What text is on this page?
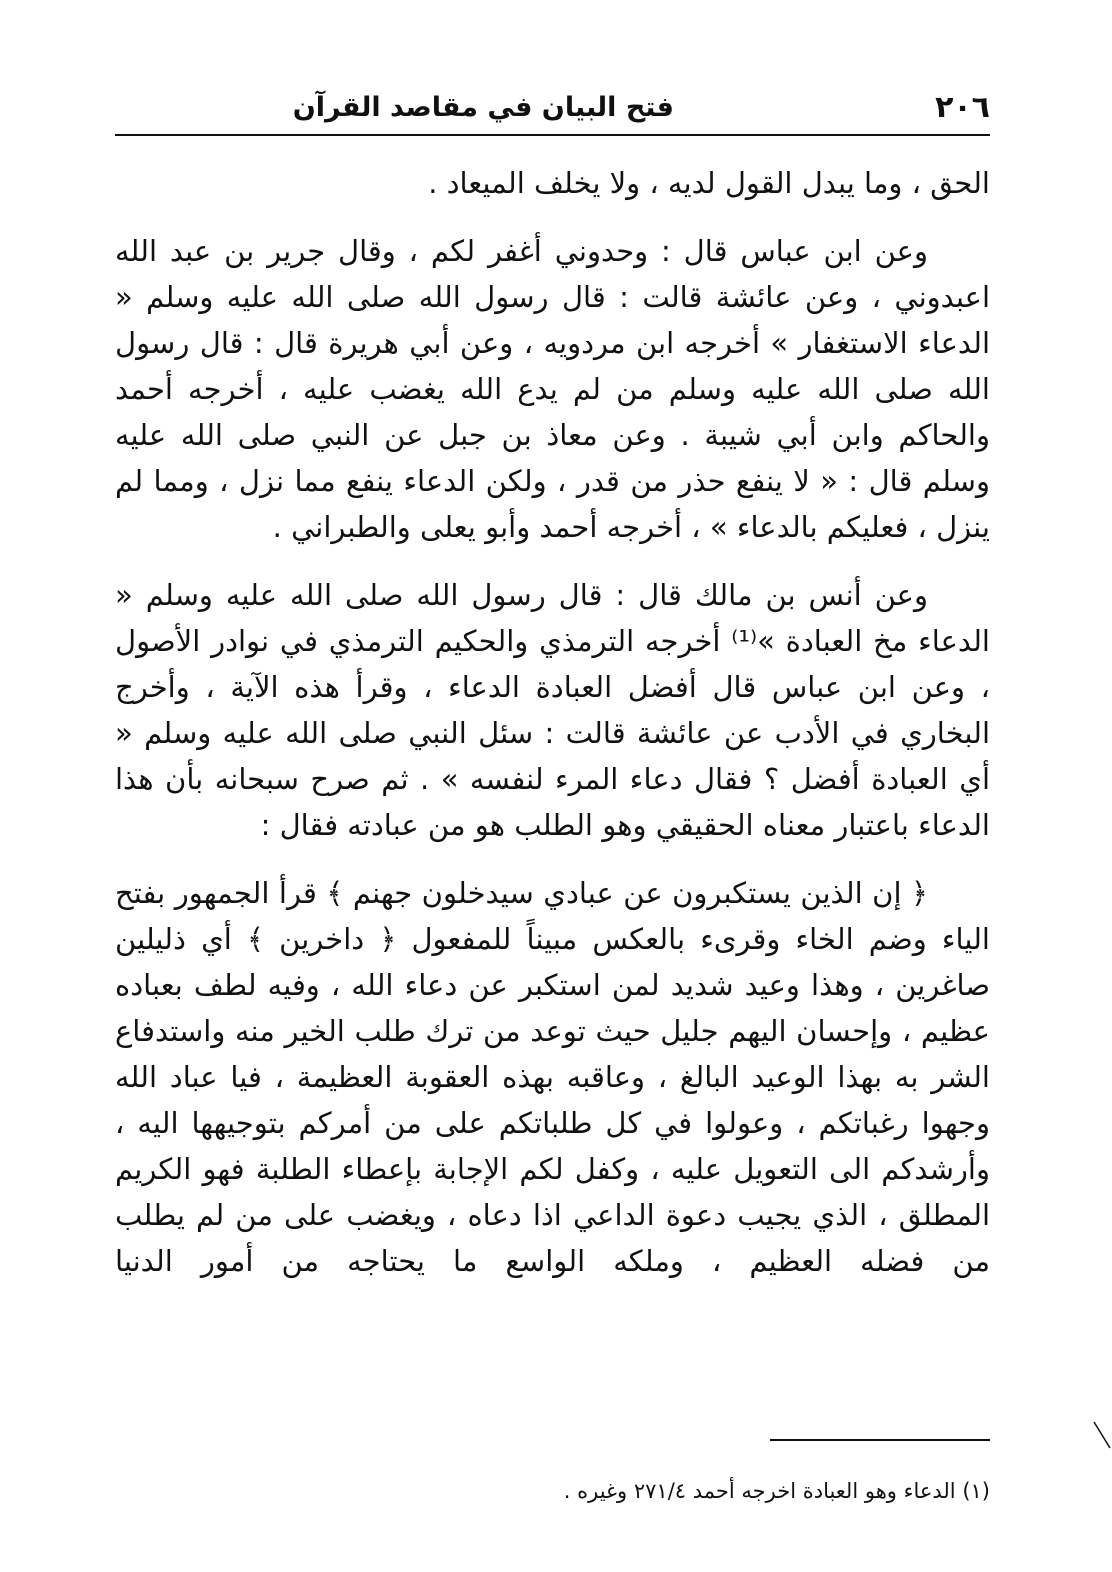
٢٠٦
فتح البيان في مقاصد القرآن

الحق ، وما يبدل القول لديه ، ولا يخلف الميعاد .

وعن ابن عباس قال : وحدوني أغفر لكم ، وقال جرير بن عبد الله اعبدوني ، وعن عائشة قالت : قال رسول الله صلى الله عليه وسلم « الدعاء الاستغفار » أخرجه ابن مردويه ، وعن أبي هريرة قال : قال رسول الله صلى الله عليه وسلم من لم يدع الله يغضب عليه ، أخرجه أحمد والحاكم وابن أبي شيبة . وعن معاذ بن جبل عن النبي صلى الله عليه وسلم قال : « لا ينفع حذر من قدر ، ولكن الدعاء ينفع مما نزل ، ومما لم ينزل ، فعليكم بالدعاء » ، أخرجه أحمد وأبو يعلى والطبراني .

وعن أنس بن مالك قال : قال رسول الله صلى الله عليه وسلم « الدعاء مخ العبادة »⁽¹⁾ أخرجه الترمذي والحكيم الترمذي في نوادر الأصول ، وعن ابن عباس قال أفضل العبادة الدعاء ، وقرأ هذه الآية ، وأخرج البخاري في الأدب عن عائشة قالت : سئل النبي صلى الله عليه وسلم « أي العبادة أفضل ؟ فقال دعاء المرء لنفسه » . ثم صرح سبحانه بأن هذا الدعاء باعتبار معناه الحقيقي وهو الطلب هو من عبادته فقال :

﴿ إن الذين يستكبرون عن عبادي سيدخلون جهنم ﴾ قرأ الجمهور بفتح الياء وضم الخاء وقرىء بالعكس مبيناً للمفعول ﴿ داخرين ﴾ أي ذليلين صاغرين ، وهذا وعيد شديد لمن استكبر عن دعاء الله ، وفيه لطف بعباده عظيم ، وإحسان اليهم جليل حيث توعد من ترك طلب الخير منه واستدفاع الشر به بهذا الوعيد البالغ ، وعاقبه بهذه العقوبة العظيمة ، فيا عباد الله وجهوا رغباتكم ، وعولوا في كل طلباتكم على من أمركم بتوجيهها اليه ، وأرشدكم الى التعويل عليه ، وكفل لكم الإجابة بإعطاء الطلبة فهو الكريم المطلق ، الذي يجيب دعوة الداعي اذا دعاه ، ويغضب على من لم يطلب من فضله العظيم ، وملكه الواسع ما يحتاجه من أمور الدنيا

(١) الدعاء وهو العبادة اخرجه أحمد ٢٧١/٤ وغيره .
